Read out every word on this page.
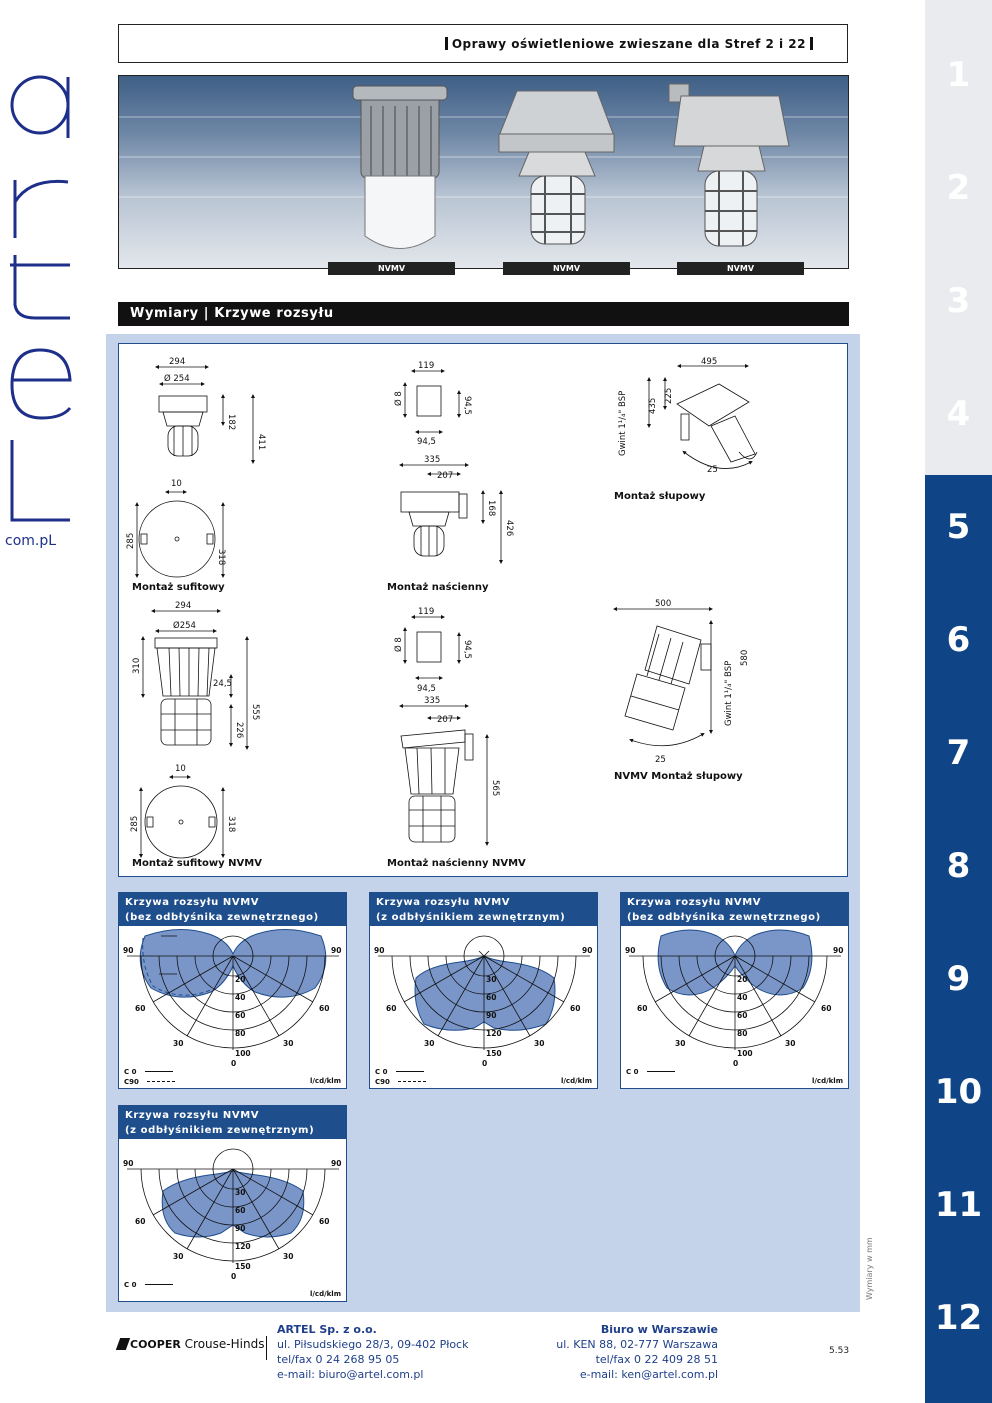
com.pL
Oprawy oświetleniowe zwieszane dla Stref 2 i 22
NVMV	NVMV	NVMV
Wymiary | Krzywe rozsyłu
294
Ø 254
182
411
10
285
318
119
Ø 8	94,5
94,5
335
207
168
426
495
435
225
Gwint 1¹/₄" BSP
25
294
Ø254
310
24,5
555
226
10
285	318
119
Ø 8	94,5
94,5
335
207
565
500
Gwint 1¹/₄" BSP
580
25
Montaż sufitowy	Montaż naścienny
Montaż słupowy
Montaż sufitowy NVMV	Montaż naścienny NVMV
NVMV Montaż słupowy
Krzywa rozsyłu NVMV
(bez odbłyśnika zewnętrznego)
90	90
60	60
30	30
20
40
60
80
100
0
C 0
C90	l/cd/klm
Krzywa rozsyłu NVMV
(z odbłyśnikiem zewnętrznym)
90	90
60	60
30	30
30
60
90
120
150
0
C 0
C90	l/cd/klm
Krzywa rozsyłu NVMV
(bez odbłyśnika zewnętrznego)
90	90
60	60
30	30
20
40
60
80
100
0
C 0
l/cd/klm
Krzywa rozsyłu NVMV
(z odbłyśnikiem zewnętrznym)
90	90
60	60
30	30
30
60
90
120
150
0
C 0
l/cd/klm	Wymiary w mm
1
2
3
4
5
6
7
8
9
10
11
12
COOPER Crouse-Hinds
ARTEL Sp. z o.o.
ul. Piłsudskiego 28/3, 09-402 Płock
tel/fax 0 24 268 95 05
e-mail: biuro@artel.com.pl
Biuro w Warszawie
ul. KEN 88, 02-777 Warszawa
tel/fax 0 22 409 28 51
e-mail: ken@artel.com.pl
5.53
